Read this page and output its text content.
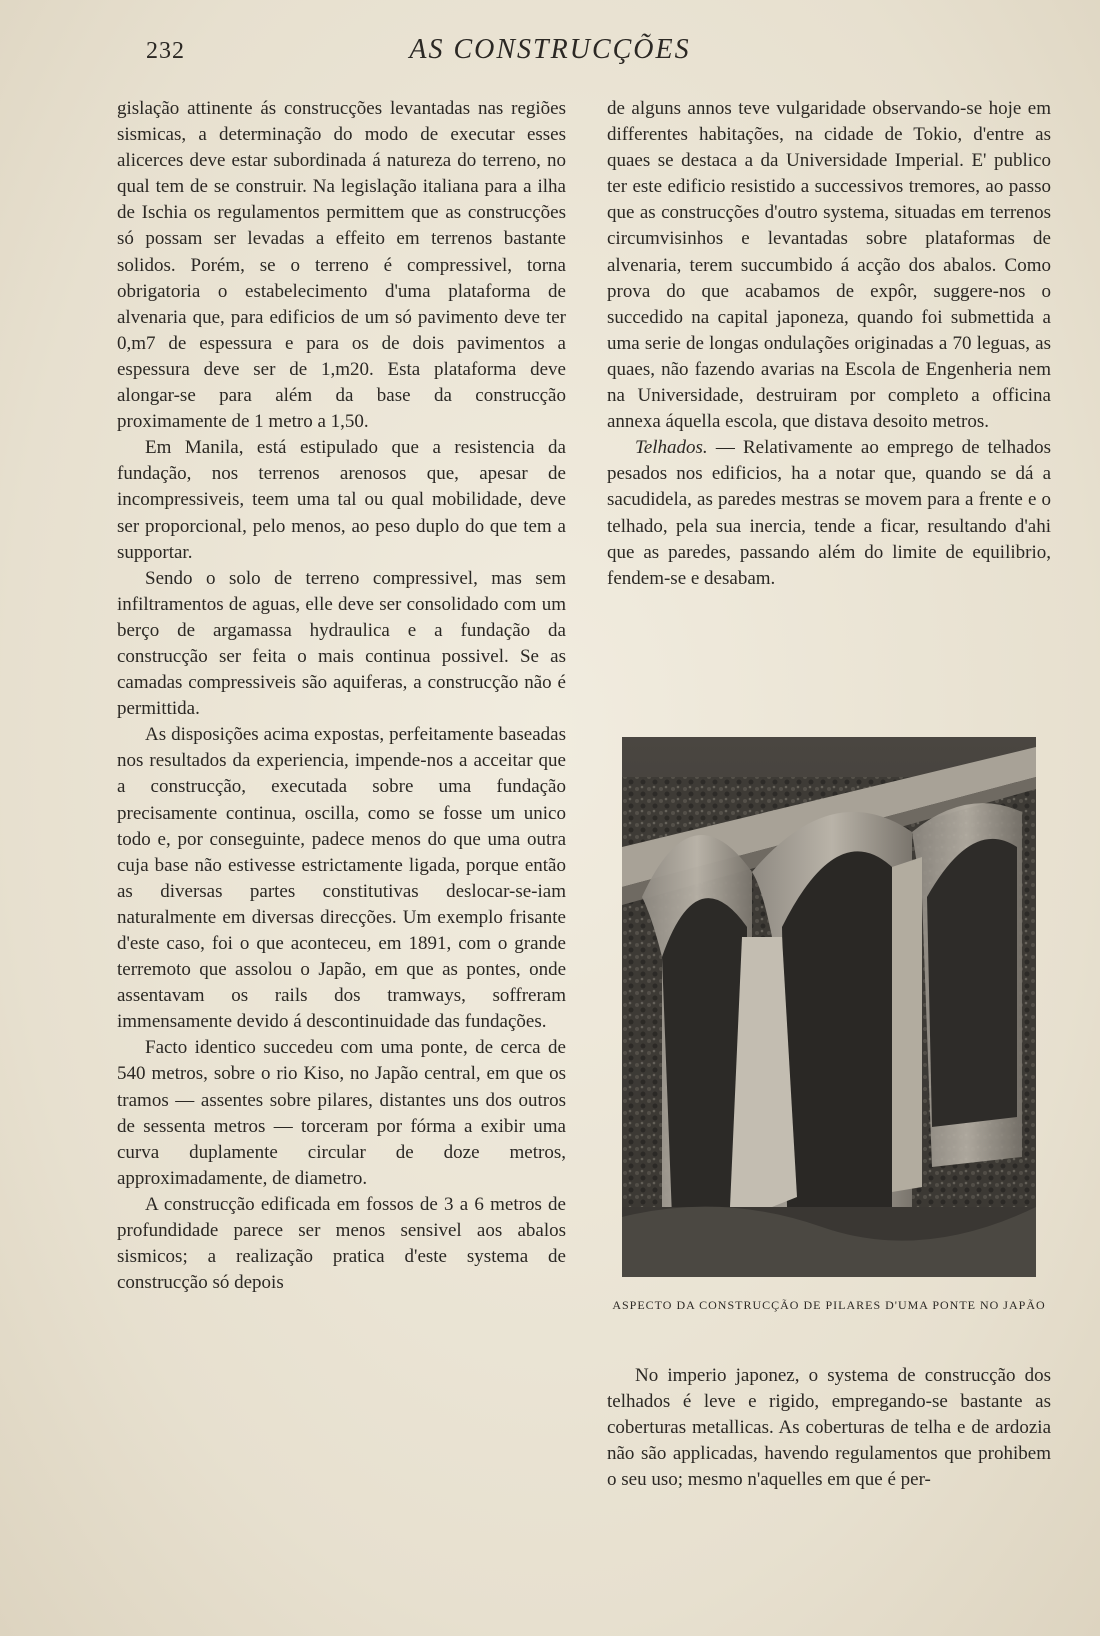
232	AS CONSTRUCÇÕES

gislação attinente ás construcções levantadas nas regiões sismicas, a determinação do modo de executar esses alicerces deve estar subordinada á natureza do terreno, no qual tem de se construir. Na legislação italiana para a ilha de Ischia os regulamentos permittem que as construcções só possam ser levadas a effeito em terrenos bastante solidos. Porém, se o terreno é compressivel, torna obrigatoria o estabelecimento d'uma plataforma de alvenaria que, para edificios de um só pavimento deve ter 0,m7 de espessura e para os de dois pavimentos a espessura deve ser de 1,m20. Esta plataforma deve alongar-se para além da base da construcção proximamente de 1 metro a 1,50.

Em Manila, está estipulado que a resistencia da fundação, nos terrenos arenosos que, apesar de incompressiveis, teem uma tal ou qual mobilidade, deve ser proporcional, pelo menos, ao peso duplo do que tem a supportar.

Sendo o solo de terreno compressivel, mas sem infiltramentos de aguas, elle deve ser consolidado com um berço de argamassa hydraulica e a fundação da construcção ser feita o mais continua possivel. Se as camadas compressiveis são aquiferas, a construcção não é permittida.

As disposições acima expostas, perfeitamente baseadas nos resultados da experiencia, impende-nos a acceitar que a construcção, executada sobre uma fundação precisamente continua, oscilla, como se fosse um unico todo e, por conseguinte, padece menos do que uma outra cuja base não estivesse estrictamente ligada, porque então as diversas partes constitutivas deslocar-se-iam naturalmente em diversas direcções. Um exemplo frisante d'este caso, foi o que aconteceu, em 1891, com o grande terremoto que assolou o Japão, em que as pontes, onde assentavam os rails dos tramways, soffreram immensamente devido á descontinuidade das fundações.

Facto identico succedeu com uma ponte, de cerca de 540 metros, sobre o rio Kiso, no Japão central, em que os tramos — assentes sobre pilares, distantes uns dos outros de sessenta metros — torceram por fórma a exibir uma curva duplamente circular de doze metros, approximadamente, de diametro.

A construcção edificada em fossos de 3 a 6 metros de profundidade parece ser menos sensivel aos abalos sismicos; a realização pratica d'este systema de construcção só depois

de alguns annos teve vulgaridade observando-se hoje em differentes habitações, na cidade de Tokio, d'entre as quaes se destaca a da Universidade Imperial. E' publico ter este edificio resistido a successivos tremores, ao passo que as construcções d'outro systema, situadas em terrenos circumvisinhos e levantadas sobre plataformas de alvenaria, terem succumbido á acção dos abalos. Como prova do que acabamos de expôr, suggere-nos o succedido na capital japoneza, quando foi submettida a uma serie de longas ondulações originadas a 70 leguas, as quaes, não fazendo avarias na Escola de Engenheria nem na Universidade, destruiram por completo a officina annexa áquella escola, que distava desoito metros.

Telhados. — Relativamente ao emprego de telhados pesados nos edificios, ha a notar que, quando se dá a sacudidela, as paredes mestras se movem para a frente e o telhado, pela sua inercia, tende a ficar, resultando d'ahi que as paredes, passando além do limite de equilibrio, fendem-se e desabam.

ASPECTO DA CONSTRUCÇÃO DE PILARES D'UMA PONTE NO JAPÃO

No imperio japonez, o systema de construcção dos telhados é leve e rigido, empregando-se bastante as coberturas metallicas. As coberturas de telha e de ardozia não são applicadas, havendo regulamentos que prohibem o seu uso; mesmo n'aquelles em que é per-
